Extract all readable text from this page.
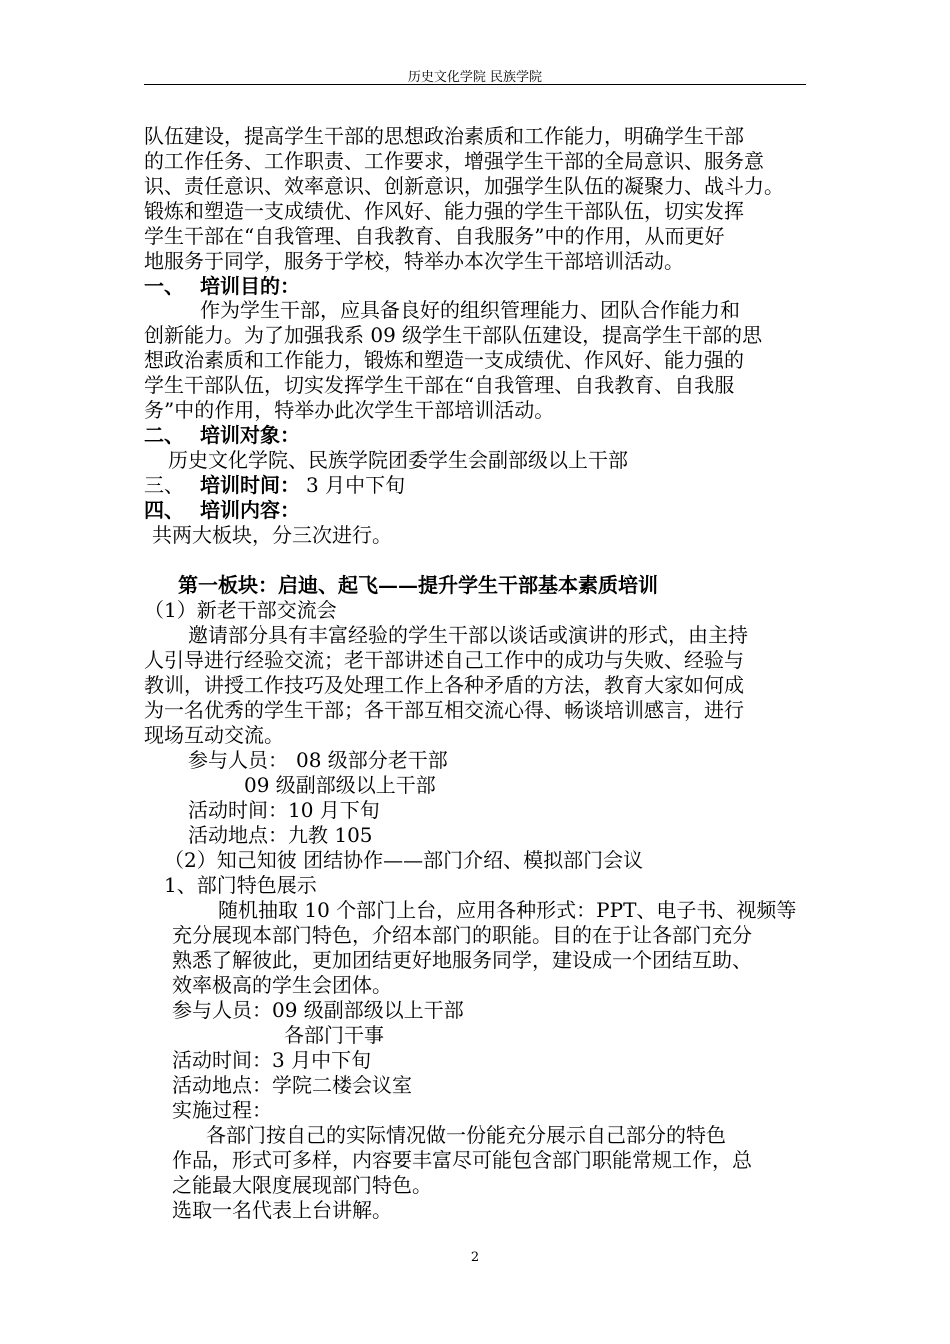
历史文化学院 民族学院
队伍建设，提高学生干部的思想政治素质和工作能力，明确学生干部
的工作任务、工作职责、工作要求，增强学生干部的全局意识、服务意
识、责任意识、效率意识、创新意识，加强学生队伍的凝聚力、战斗力。
锻炼和塑造一支成绩优、作风好、能力强的学生干部队伍，切实发挥
学生干部在“自我管理、自我教育、自我服务”中的作用，从而更好
地服务于同学，服务于学校，特举办本次学生干部培训活动。
一、 培训目的：
作为学生干部，应具备良好的组织管理能力、团队合作能力和
创新能力。为了加强我系 09 级学生干部队伍建设，提高学生干部的思
想政治素质和工作能力，锻炼和塑造一支成绩优、作风好、能力强的
学生干部队伍，切实发挥学生干部在“自我管理、自我教育、自我服
务”中的作用，特举办此次学生干部培训活动。
二、 培训对象：
历史文化学院、民族学院团委学生会副部级以上干部
三、 培训时间： 3 月中下旬
四、 培训内容：
共两大板块，分三次进行。
第一板块：启迪、起飞——提升学生干部基本素质培训
（1）新老干部交流会
邀请部分具有丰富经验的学生干部以谈话或演讲的形式，由主持
人引导进行经验交流；老干部讲述自己工作中的成功与失败、经验与
教训，讲授工作技巧及处理工作上各种矛盾的方法，教育大家如何成
为一名优秀的学生干部；各干部互相交流心得、畅谈培训感言，进行
现场互动交流。
参与人员： 08 级部分老干部
09 级副部级以上干部
活动时间：10 月下旬
活动地点：九教 105
（2）知己知彼 团结协作——部门介绍、模拟部门会议
1、部门特色展示
随机抽取 10 个部门上台，应用各种形式：PPT、电子书、视频等
充分展现本部门特色，介绍本部门的职能。目的在于让各部门充分
熟悉了解彼此，更加团结更好地服务同学，建设成一个团结互助、
效率极高的学生会团体。
参与人员：09 级副部级以上干部
各部门干事
活动时间：3 月中下旬
活动地点：学院二楼会议室
实施过程：
各部门按自己的实际情况做一份能充分展示自己部分的特色
作品，形式可多样，内容要丰富尽可能包含部门职能常规工作，总
之能最大限度展现部门特色。
选取一名代表上台讲解。
2
